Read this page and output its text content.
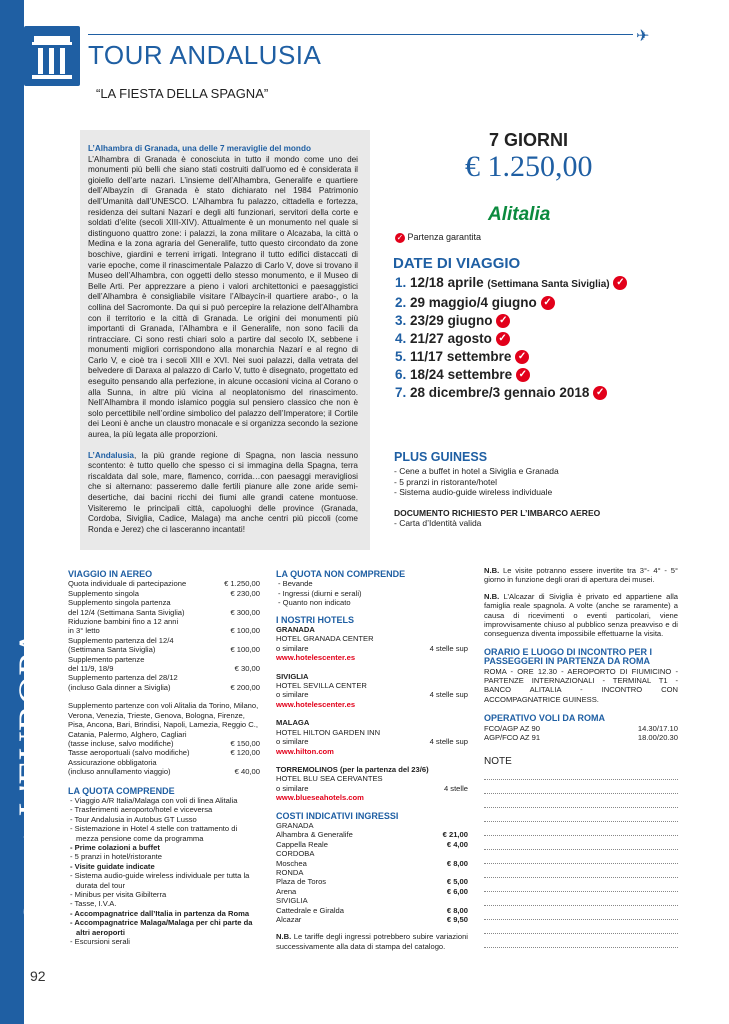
Scopri L'EUROPA
92
✈
TOUR ANDALUSIA
“LA FIESTA DELLA SPAGNA”
L’Alhambra di Granada, una delle 7 meraviglie del mondo
L’Alhambra di Granada è conosciuta in tutto il mondo come uno dei monumenti più belli che siano stati costruiti dall’uomo ed è considerata il gioiello dell’arte nazarì. L’insieme dell’Alhambra, Generalife e quartiere dell’Albayzín di Granada è stato dichiarato nel 1984 Patrimonio dell’Umanità dall’UNESCO. L’Alhambra fu palazzo, cittadella e fortezza, residenza dei sultani Nazarí e degli alti funzionari, servitori della corte e soldati d’elite (secoli XIII-XIV). Attualmente è un monumento nel quale si distinguono quattro zone: i palazzi, la zona militare o Alcazaba, la città o Medina e la zona agraria del Generalife, tutto questo circondato da zone boschive, giardini e terreni irrigati. Integrano il tutto edifici distaccati di varie epoche, come il rinascimentale Palazzo di Carlo V, dove si trovano il Museo dell’Alhambra, con oggetti dello stesso monumento, e il Museo di Belle Arti. Per apprezzare a pieno i valori architettonici e paesaggistici dell’Alhambra è consigliabile visitare l’Albaycín-il quartiere arabo-, o la collina del Sacromonte. Da qui si può percepire la relazione dell’Alhambra con il territorio e la città di Granada. Le origini dei monumenti più importanti di Granada, l’Alhambra e il Generalife, non sono facili da rintracciare. Ci sono resti chiari solo a partire dal secolo IX, sebbene i monumenti migliori corrispondono alla monarchia Nazarí e al regno di Carlo V, e cioè tra i secoli XIII e XVI. Nei suoi palazzi, dalla vetrata del belvedere di Daraxa al palazzo di Carlo V, tutto è disegnato, progettato ed eseguito pensando alla perfezione, in alcune occasioni vicina al Corano o alla Sunna, in altre più vicina al neoplatonismo del rinascimento. Nell’Alhambra il mondo islamico poggia sul pensiero classico che non è solo percettibile nell’ordine simbolico del palazzo dell’Imperatore; il Cortile dei Leoni è anche un claustro monacale e si organizza secondo la sezione aurea, la più legata alle proporzioni.
L’Andalusia, la più grande regione di Spagna, non lascia nessuno scontento: è tutto quello che spesso ci si immagina della Spagna, terra riscaldata dal sole, mare, flamenco, corrida…con paesaggi meravigliosi che si alternano: passeremo dalle fertili pianure alle zone aride semi-desertiche, dai bacini ricchi dei fiumi alle grandi catene montuose. Visiteremo le principali città, capoluoghi delle province (Granada, Cordoba, Siviglia, Cadice, Malaga) ma anche centri più piccoli (come Ronda e Jerez) che ci lasceranno incantati!
7 GIORNI
€ 1.250,00
Alitalia
✓ Partenza garantita
DATE DI VIAGGIO
1. 12/18 aprile (Settimana Santa Siviglia) ✓
2. 29 maggio/4 giugno ✓
3. 23/29 giugno ✓
4. 21/27 agosto ✓
5. 11/17 settembre ✓
6. 18/24 settembre ✓
7. 28 dicembre/3 gennaio 2018 ✓
PLUS GUINESS
- Cene a buffet in hotel a Siviglia e Granada
- 5 pranzi in ristorante/hotel
- Sistema audio-guide wireless individuale
DOCUMENTO RICHIESTO PER L’IMBARCO AEREO
- Carta d’Identità valida

VIAGGIO IN AEREO

Quota individuale di partecipazione	€ 1.250,00
Supplemento singola	€ 230,00
Supplemento singola partenza
del 12/4 (Settimana Santa Siviglia)	€ 300,00
Riduzione bambini fino a 12 anni
in 3° letto	€ 100,00
Supplemento partenza del 12/4
(Settimana Santa Siviglia)	€ 100,00
Supplemento partenze
del 11/9, 18/9	€ 30,00
Supplemento partenza del 28/12
(incluso Gala dinner a Siviglia)	€ 200,00
Supplemento partenze con voli Alitalia da Torino, Milano, Verona, Venezia, Trieste, Genova, Bologna, Firenze, Pisa, Ancona, Bari, Brindisi, Napoli, Lamezia, Reggio C., Catania, Palermo, Alghero, Cagliari
(tasse incluse, salvo modifiche)	€ 150,00
Tasse aeroportuali (salvo modifiche)	€ 120,00
Assicurazione obbligatoria
(incluso annullamento viaggio)	€ 40,00

LA QUOTA COMPRENDE

- Viaggio A/R Italia/Malaga con voli di linea Alitalia
- Trasferimenti aeroporto/hotel e viceversa
- Tour Andalusia in Autobus GT Lusso
- Sistemazione in Hotel 4 stelle con trattamento di mezza pensione come da programma
- Prime colazioni a buffet
- 5 pranzi in hotel/ristorante
- Visite guidate indicate
- Sistema audio-guide wireless individuale per tutta la durata del tour
- Minibus per visita Gibilterra
- Tasse, I.V.A.
- Accompagnatrice dall’Italia in partenza da Roma
- Accompagnatrice Malaga/Malaga per chi parte da altri aeroporti
- Escursioni serali

LA QUOTA NON COMPRENDE

- Bevande
- Ingressi (diurni e serali)
- Quanto non indicato

I NOSTRI HOTELS

GRANADA
HOTEL GRANADA CENTER
o similare	4 stelle sup
www.hotelescenter.es
SIVIGLIA
HOTEL SEVILLA CENTER
o similare	4 stelle sup
www.hotelescenter.es
MALAGA
HOTEL HILTON GARDEN INN
o similare	4 stelle sup
www.hilton.com
TORREMOLINOS (per la partenza del 23/6)
HOTEL BLU SEA CERVANTES
o similare	4 stelle
www.blueseahotels.com

COSTI INDICATIVI INGRESSI

GRANADA
Alhambra & Generalife	€ 21,00
Cappella Reale	€ 4,00
CORDOBA
Moschea	€ 8,00
RONDA
Plaza de Toros	€ 5,00
Arena	€ 6,00
SIVIGLIA
Cattedrale e Giralda	€ 8,00
Alcazar	€ 9,50
N.B. Le tariffe degli ingressi potrebbero subire variazioni successivamente alla data di stampa del catalogo.
N.B. Le visite potranno essere invertite tra 3°- 4° - 5° giorno in funzione degli orari di apertura dei musei.
N.B. L’Alcazar di Siviglia è privato ed appartiene alla famiglia reale spagnola. A volte (anche se raramente) a causa di ricevimenti o eventi particolari, viene improvvisamente chiuso al pubblico senza preavviso e di conseguenza diventa impossibile effettuarne la visita.

ORARIO E LUOGO DI INCONTRO PER I PASSEGGERI IN PARTENZA DA ROMA

ROMA - ORE 12.30 - AEROPORTO DI FIUMICINO - PARTENZE INTERNAZIONALI - TERMINAL T1 - BANCO ALITALIA - INCONTRO CON ACCOMPAGNATRICE GUINESS.

OPERATIVO VOLI DA ROMA

FCO/AGP AZ 90	14.30/17.10
AGP/FCO AZ 91	18.00/20.30
NOTE
